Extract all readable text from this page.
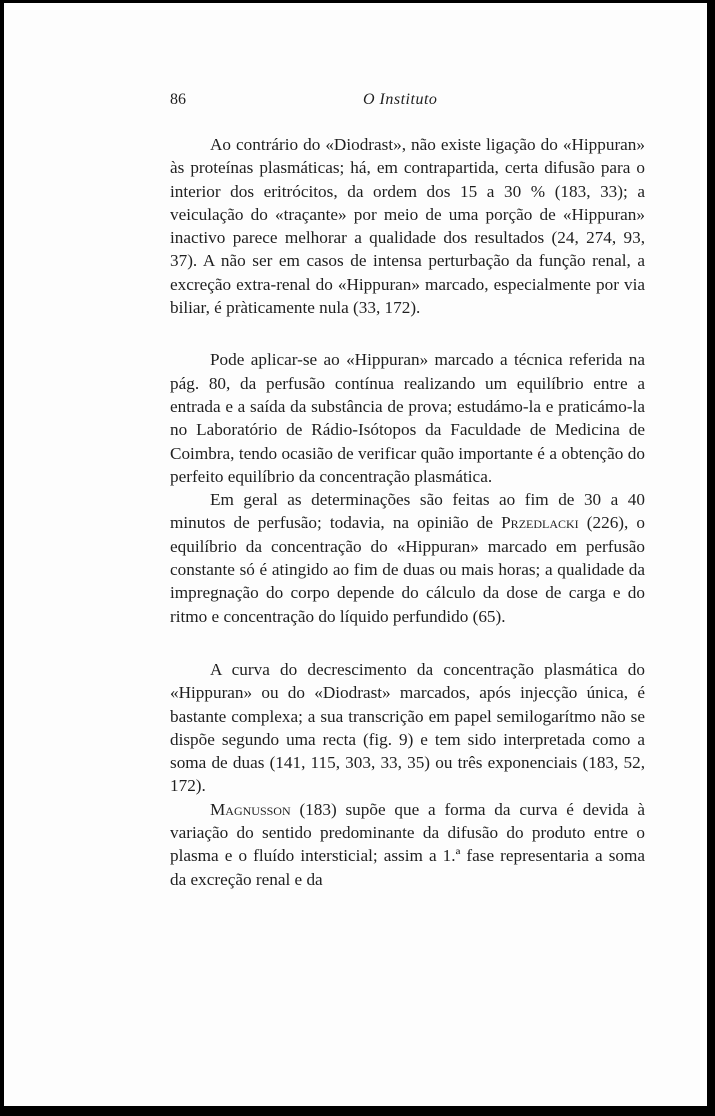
86	O Instituto

Ao contrário do «Diodrast», não existe ligação do «Hippuran» às proteínas plasmáticas; há, em contrapartida, certa difusão para o interior dos eritrócitos, da ordem dos 15 a 30 % (183, 33); a veiculação do «traçante» por meio de uma porção de «Hippuran» inactivo parece melhorar a qualidade dos resultados (24, 274, 93, 37). A não ser em casos de intensa perturbação da função renal, a excreção extra-renal do «Hippuran» marcado, especialmente por via biliar, é pràticamente nula (33, 172).

Pode aplicar-se ao «Hippuran» marcado a técnica referida na pág. 80, da perfusão contínua realizando um equilíbrio entre a entrada e a saída da substância de prova; estudámo-la e praticámo-la no Laboratório de Rádio-Isótopos da Faculdade de Medicina de Coimbra, tendo ocasião de verificar quão importante é a obtenção do perfeito equilíbrio da concentração plasmática.

Em geral as determinações são feitas ao fim de 30 a 40 minutos de perfusão; todavia, na opinião de Przedlacki (226), o equilíbrio da concentração do «Hippuran» marcado em perfusão constante só é atingido ao fim de duas ou mais horas; a qualidade da impregnação do corpo depende do cálculo da dose de carga e do ritmo e concentração do líquido perfundido (65).

A curva do decrescimento da concentração plasmática do «Hippuran» ou do «Diodrast» marcados, após injecção única, é bastante complexa; a sua transcrição em papel semilogarítmo não se dispõe segundo uma recta (fig. 9) e tem sido interpretada como a soma de duas (141, 115, 303, 33, 35) ou três exponenciais (183, 52, 172).

Magnusson (183) supõe que a forma da curva é devida à variação do sentido predominante da difusão do produto entre o plasma e o fluído intersticial; assim a 1.ª fase representaria a soma da excreção renal e da
